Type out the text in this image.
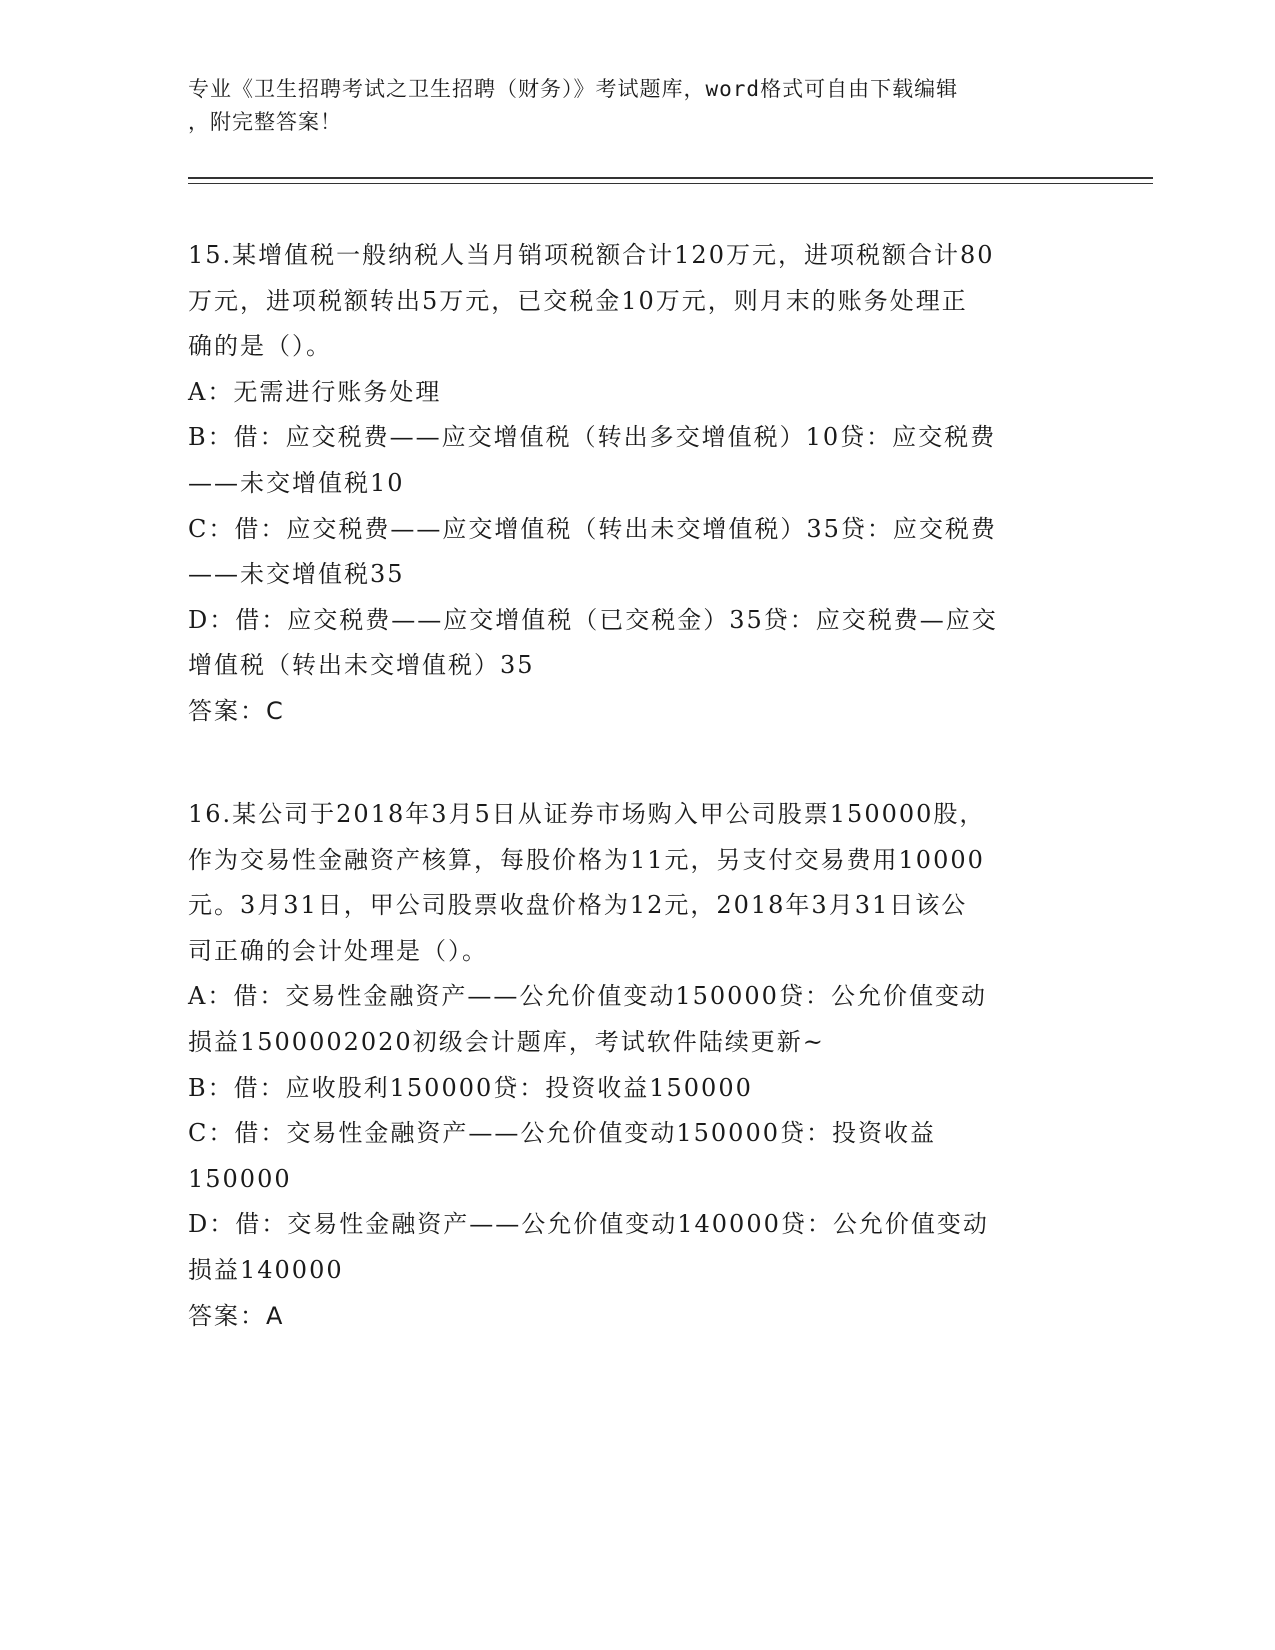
专业《卫生招聘考试之卫生招聘（财务）》考试题库，word格式可自由下载编辑
，附完整答案！
15.某增值税一般纳税人当月销项税额合计120万元，进项税额合计80
万元，进项税额转出5万元，已交税金10万元，则月末的账务处理正
确的是（）。
A：无需进行账务处理
B：借：应交税费——应交增值税（转出多交增值税）10贷：应交税费
——未交增值税10
C：借：应交税费——应交增值税（转出未交增值税）35贷：应交税费
——未交增值税35
D：借：应交税费——应交增值税（已交税金）35贷：应交税费—应交
增值税（转出未交增值税）35
答案：C
16.某公司于2018年3月5日从证券市场购入甲公司股票150000股，
作为交易性金融资产核算，每股价格为11元，另支付交易费用10000
元。3月31日，甲公司股票收盘价格为12元，2018年3月31日该公
司正确的会计处理是（）。
A：借：交易性金融资产——公允价值变动150000贷：公允价值变动
损益1500002020初级会计题库，考试软件陆续更新~
B：借：应收股利150000贷：投资收益150000
C：借：交易性金融资产——公允价值变动150000贷：投资收益
150000
D：借：交易性金融资产——公允价值变动140000贷：公允价值变动
损益140000
答案：A
